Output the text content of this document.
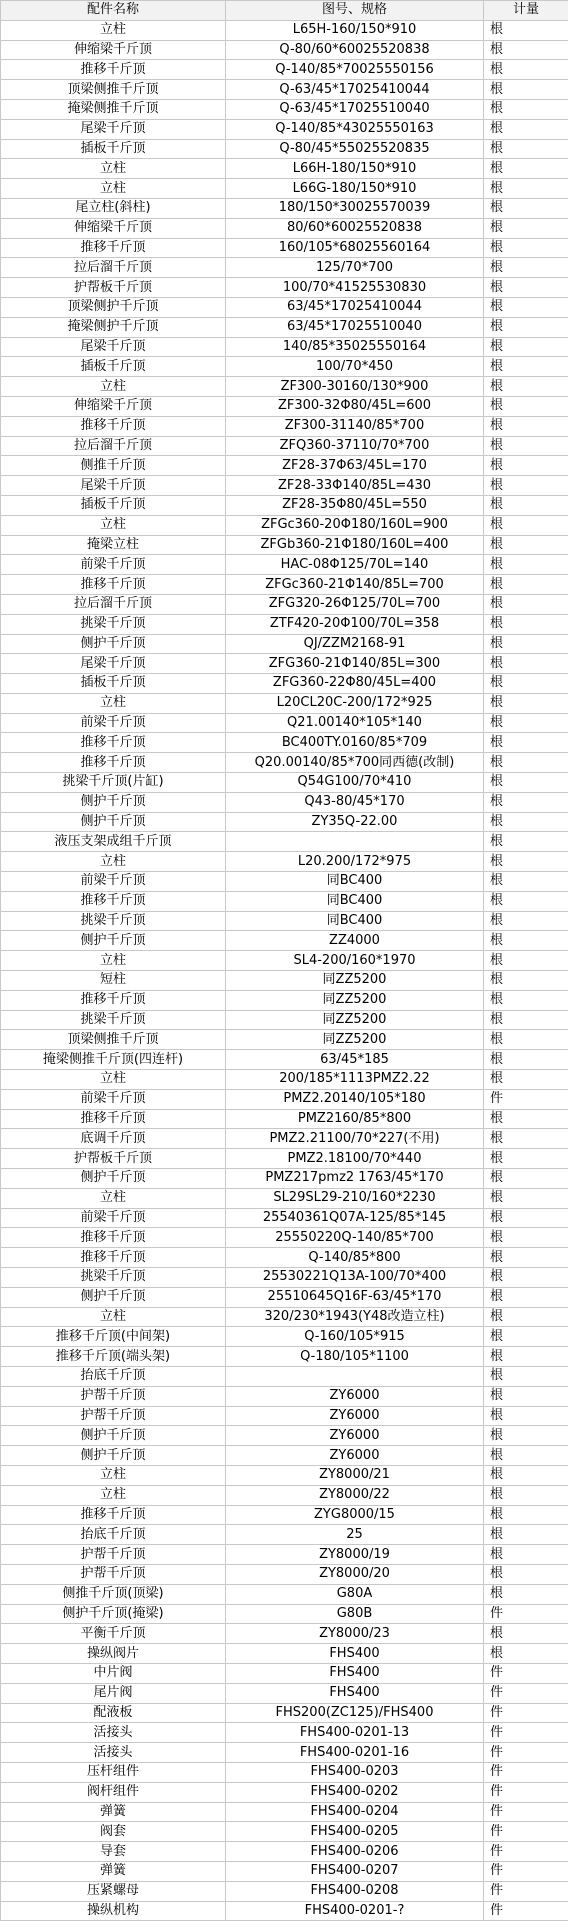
配件名称	图号、规格	计量
立柱	L65H-160/150*910	根
伸缩梁千斤顶	Q-80/60*60025520838	根
推移千斤顶	Q-140/85*70025550156	根
顶梁侧推千斤顶	Q-63/45*17025410044	根
掩梁侧推千斤顶	Q-63/45*17025510040	根
尾梁千斤顶	Q-140/85*43025550163	根
插板千斤顶	Q-80/45*55025520835	根
立柱	L66H-180/150*910	根
立柱	L66G-180/150*910	根
尾立柱(斜柱)	180/150*30025570039	根
伸缩梁千斤顶	80/60*60025520838	根
推移千斤顶	160/105*68025560164	根
拉后溜千斤顶	125/70*700	根
护帮板千斤顶	100/70*41525530830	根
顶梁侧护千斤顶	63/45*17025410044	根
掩梁侧护千斤顶	63/45*17025510040	根
尾梁千斤顶	140/85*35025550164	根
插板千斤顶	100/70*450	根
立柱	ZF300-30160/130*900	根
伸缩梁千斤顶	ZF300-32Φ80/45L=600	根
推移千斤顶	ZF300-31140/85*700	根
拉后溜千斤顶	ZFQ360-37110/70*700	根
侧推千斤顶	ZF28-37Φ63/45L=170	根
尾梁千斤顶	ZF28-33Φ140/85L=430	根
插板千斤顶	ZF28-35Φ80/45L=550	根
立柱	ZFGc360-20Φ180/160L=900	根
掩梁立柱	ZFGb360-21Φ180/160L=400	根
前梁千斤顶	HAC-08Φ125/70L=140	根
推移千斤顶	ZFGc360-21Φ140/85L=700	根
拉后溜千斤顶	ZFG320-26Φ125/70L=700	根
挑梁千斤顶	ZTF420-20Φ100/70L=358	根
侧护千斤顶	QJ/ZZM2168-91	根
尾梁千斤顶	ZFG360-21Φ140/85L=300	根
插板千斤顶	ZFG360-22Φ80/45L=400	根
立柱	L20CL20C-200/172*925	根
前梁千斤顶	Q21.00140*105*140	根
推移千斤顶	BC400TY.0160/85*709	根
推移千斤顶	Q20.00140/85*700同西德(改制)	根
挑梁千斤顶(片缸)	Q54G100/70*410	根
侧护千斤顶	Q43-80/45*170	根
侧护千斤顶	ZY35Q-22.00	根
液压支架成组千斤顶		根
立柱	L20.200/172*975	根
前梁千斤顶	同BC400	根
推移千斤顶	同BC400	根
挑梁千斤顶	同BC400	根
侧护千斤顶	ZZ4000	根
立柱	SL4-200/160*1970	根
短柱	同ZZ5200	根
推移千斤顶	同ZZ5200	根
挑梁千斤顶	同ZZ5200	根
顶梁侧推千斤顶	同ZZ5200	根
掩梁侧推千斤顶(四连杆)	63/45*185	根
立柱	200/185*1113PMZ2.22	根
前梁千斤顶	PMZ2.20140/105*180	件
推移千斤顶	PMZ2160/85*800	根
底调千斤顶	PMZ2.21100/70*227(不用)	根
护帮板千斤顶	PMZ2.18100/70*440	根
侧护千斤顶	PMZ217pmz2 1763/45*170	根
立柱	SL29SL29-210/160*2230	根
前梁千斤顶	25540361Q07A-125/85*145	根
推移千斤顶	25550220Q-140/85*700	根
推移千斤顶	Q-140/85*800	根
挑梁千斤顶	25530221Q13A-100/70*400	根
侧护千斤顶	25510645Q16F-63/45*170	根
立柱	320/230*1943(Y48改造立柱)	根
推移千斤顶(中间架)	Q-160/105*915	根
推移千斤顶(端头架)	Q-180/105*1100	根
抬底千斤顶		根
护帮千斤顶	ZY6000	根
护帮千斤顶	ZY6000	根
侧护千斤顶	ZY6000	根
侧护千斤顶	ZY6000	根
立柱	ZY8000/21	根
立柱	ZY8000/22	根
推移千斤顶	ZYG8000/15	根
抬底千斤顶	25	根
护帮千斤顶	ZY8000/19	根
护帮千斤顶	ZY8000/20	根
侧推千斤顶(顶梁)	G80A	根
侧护千斤顶(掩梁)	G80B	件
平衡千斤顶	ZY8000/23	根
操纵阀片	FHS400	根
中片阀	FHS400	件
尾片阀	FHS400	件
配液板	FHS200(ZC125)/FHS400	件
活接头	FHS400-0201-13	件
活接头	FHS400-0201-16	件
压杆组件	FHS400-0203	件
阀杆组件	FHS400-0202	件
弹簧	FHS400-0204	件
阀套	FHS400-0205	件
导套	FHS400-0206	件
弹簧	FHS400-0207	件
压紧螺母	FHS400-0208	件
操纵机构	FHS400-0201-?	件
